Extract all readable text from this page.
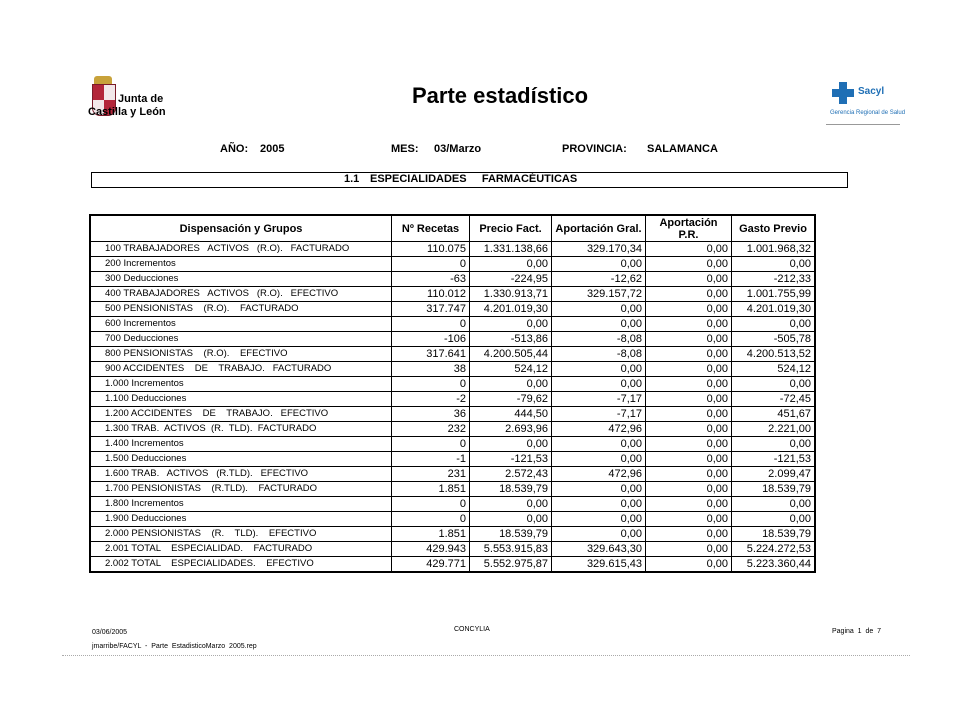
Junta de
Castilla y León
Parte estadístico	Sacyl
Gerencia Regional de Salud
AÑO: 2005	MES: 03/Marzo	PROVINCIA: SALAMANCA
1.1 ESPECIALIDADES     FARMACÉUTICAS
Dispensación y Grupos	Nº Recetas	Precio Fact.	Aportación Gral.	Aportación P.R.	Gasto Previo
100 TRABAJADORES   ACTIVOS   (R.O).   FACTURADO	110.075	1.331.138,66	329.170,34	0,00	1.001.968,32
200 Incrementos	0	0,00	0,00	0,00	0,00
300 Deducciones	-63	-224,95	-12,62	0,00	-212,33
400 TRABAJADORES   ACTIVOS   (R.O).   EFECTIVO	110.012	1.330.913,71	329.157,72	0,00	1.001.755,99
500 PENSIONISTAS    (R.O).    FACTURADO	317.747	4.201.019,30	0,00	0,00	4.201.019,30
600 Incrementos	0	0,00	0,00	0,00	0,00
700 Deducciones	-106	-513,86	-8,08	0,00	-505,78
800 PENSIONISTAS    (R.O).    EFECTIVO	317.641	4.200.505,44	-8,08	0,00	4.200.513,52
900 ACCIDENTES    DE    TRABAJO.   FACTURADO	38	524,12	0,00	0,00	524,12
1.000 Incrementos	0	0,00	0,00	0,00	0,00
1.100 Deducciones	-2	-79,62	-7,17	0,00	-72,45
1.200 ACCIDENTES    DE    TRABAJO.   EFECTIVO	36	444,50	-7,17	0,00	451,67
1.300 TRAB.  ACTIVOS  (R.  TLD).  FACTURADO	232	2.693,96	472,96	0,00	2.221,00
1.400 Incrementos	0	0,00	0,00	0,00	0,00
1.500 Deducciones	-1	-121,53	0,00	0,00	-121,53
1.600 TRAB.   ACTIVOS   (R.TLD).   EFECTIVO	231	2.572,43	472,96	0,00	2.099,47
1.700 PENSIONISTAS    (R.TLD).    FACTURADO	1.851	18.539,79	0,00	0,00	18.539,79
1.800 Incrementos	0	0,00	0,00	0,00	0,00
1.900 Deducciones	0	0,00	0,00	0,00	0,00
2.000 PENSIONISTAS    (R.    TLD).    EFECTIVO	1.851	18.539,79	0,00	0,00	18.539,79
2.001 TOTAL    ESPECIALIDAD.    FACTURADO	429.943	5.553.915,83	329.643,30	0,00	5.224.272,53
2.002 TOTAL    ESPECIALIDADES.    EFECTIVO	429.771	5.552.975,87	329.615,43	0,00	5.223.360,44
03/06/2005	CONCYLIA	Pagina  1  de  7
jmarribe/FACYL  -  Parte  EstadisticoMarzo  2005.rep
